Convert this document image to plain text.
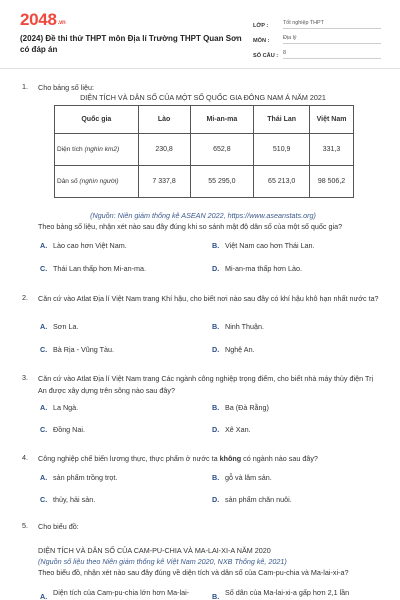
2048.vn
(2024) Đề thi thử THPT môn Địa lí Trường THPT Quan Sơn có đáp án
LỚP :	Tốt nghiệp THPT
MÔN :	Địa lý
SỐ CÂU : 8
1. Cho bảng số liệu:
DIỆN TÍCH VÀ DÂN SỐ CỦA MỘT SỐ QUỐC GIA ĐÔNG NAM Á NĂM 2021
Quốc gia	Lào	Mi-an-ma	Thái Lan	Việt Nam
Diện tích (nghìn km2)	230,8	652,8	510,9	331,3
Dân số (nghìn người)	7 337,8	55 295,0	65 213,0	98 506,2
(Nguồn: Niên giám thống kê ASEAN 2022, https://www.aseanstats.org)
Theo bảng số liệu, nhận xét nào sau đây đúng khi so sánh mật độ dân số của một số quốc gia?
A. Lào cao hơn Việt Nam.	B. Việt Nam cao hơn Thái Lan.
C. Thái Lan thấp hơn Mi-an-ma.	D. Mi-an-ma thấp hơn Lào.
2. Căn cứ vào Atlat Địa lí Việt Nam trang Khí hậu, cho biết nơi nào sau đây có khí hậu khô hạn nhất nước ta?
A. Sơn La.	B. Ninh Thuận.
C. Bà Rịa - Vũng Tàu.	D. Nghệ An.
3. Căn cứ vào Atlat Địa lí Việt Nam trang Các ngành công nghiệp trọng điểm, cho biết nhà máy thủy điện Trị An được xây dựng trên sông nào sau đây?
A. La Ngà.	B. Ba (Đà Rằng)
C. Đồng Nai.	D. Xê Xan.
4. Công nghiệp chế biến lương thực, thực phẩm ở nước ta không có ngành nào sau đây?
A. sản phẩm trồng trọt.	B. gỗ và lâm sản.
C. thủy, hải sản.	D. sản phẩm chăn nuôi.
5. Cho biểu đồ:
DIỆN TÍCH VÀ DÂN SỐ CỦA CAM-PU-CHIA VÀ MA-LAI-XI-A NĂM 2020
(Nguồn số liệu theo Niên giám thống kê Việt Nam 2020, NXB Thống kê, 2021)
Theo biểu đồ, nhận xét nào sau đây đúng về diện tích và dân số của Cam-pu-chia và Ma-lai-xi-a?
A. Diện tích của Cam-pu-chia lớn hơn Ma-lai-	B. Số dân của Ma-lai-xi-a gấp hơn 2,1 lần
